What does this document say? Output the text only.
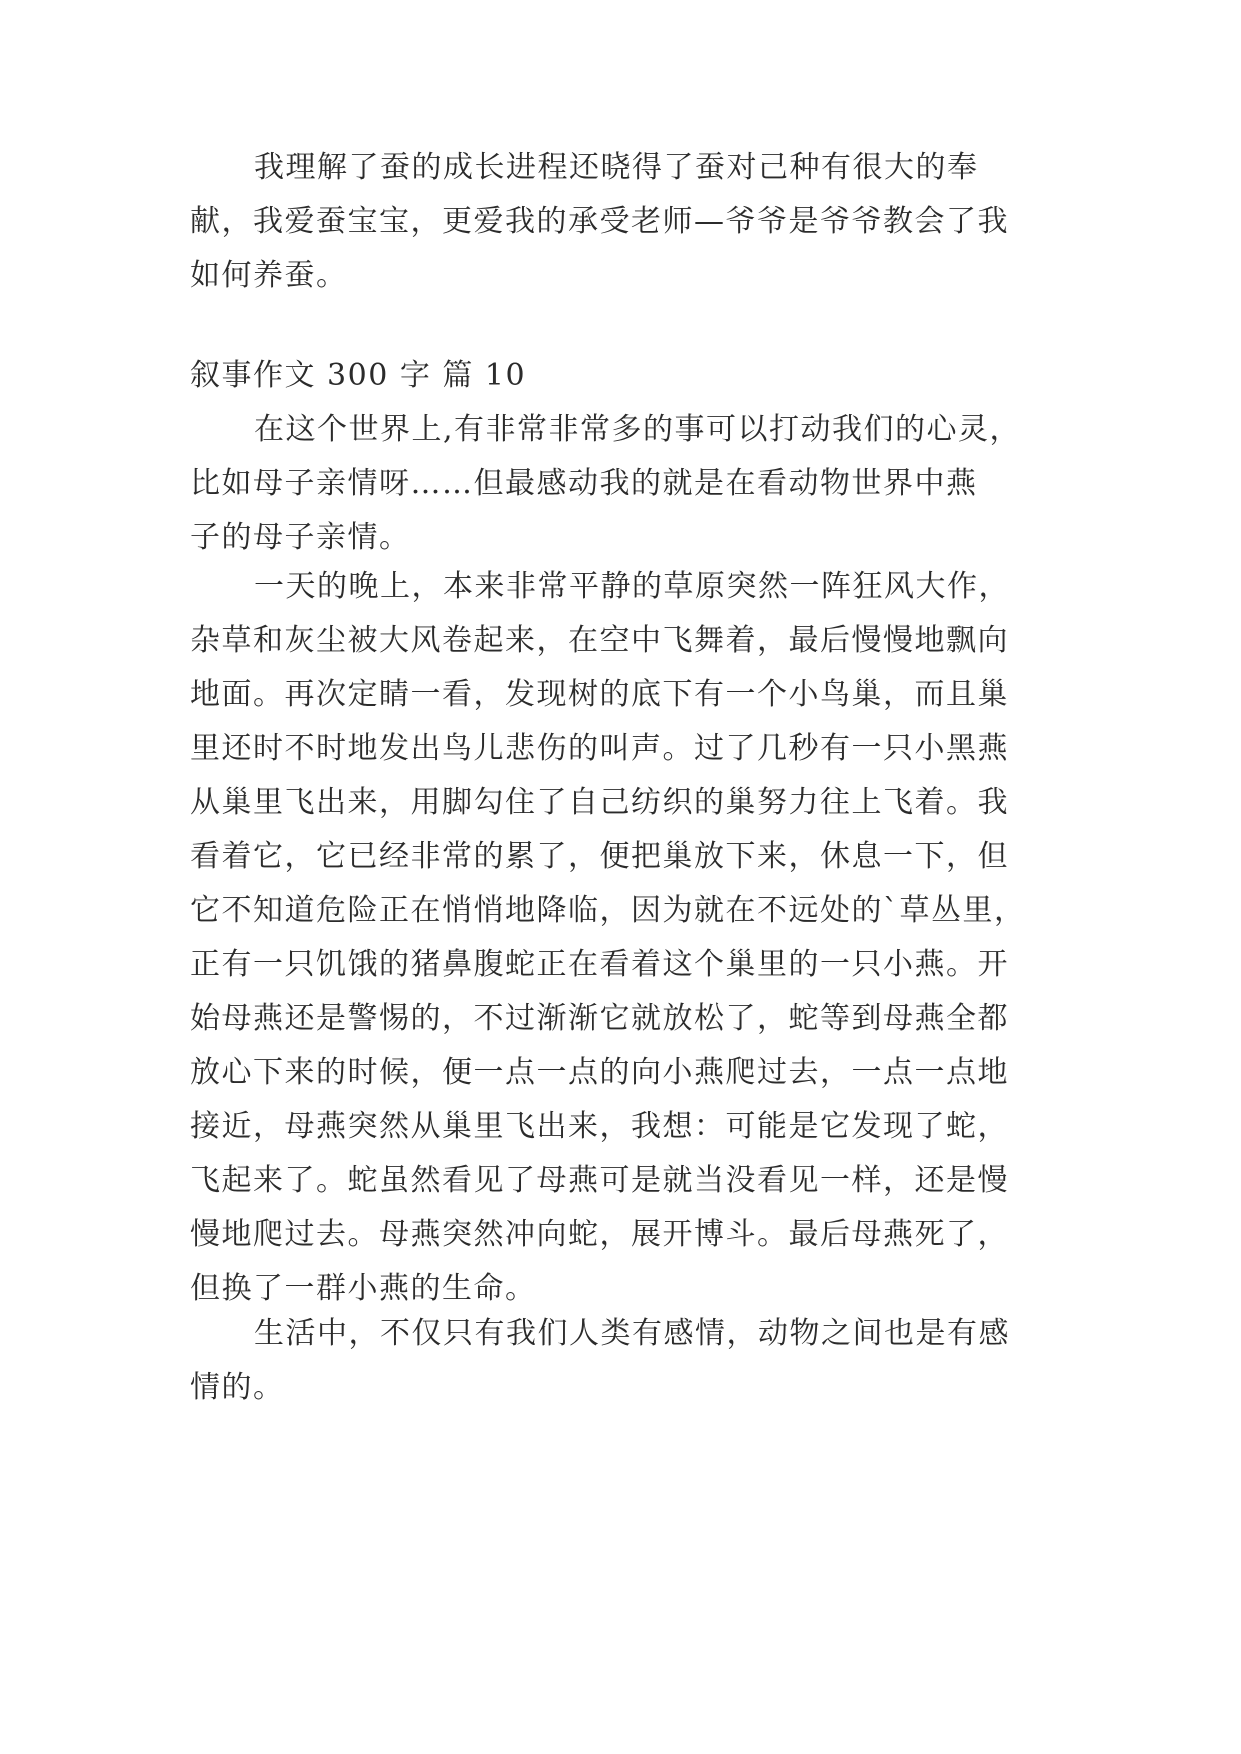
我理解了蚕的成长进程还晓得了蚕对己种有很大的奉
献，我爱蚕宝宝，更爱我的承受老师—爷爷是爷爷教会了我
如何养蚕。
叙事作文 300 字 篇 10
在这个世界上,有非常非常多的事可以打动我们的心灵，
比如母子亲情呀……但最感动我的就是在看动物世界中燕
子的母子亲情。
一天的晚上，本来非常平静的草原突然一阵狂风大作，
杂草和灰尘被大风卷起来，在空中飞舞着，最后慢慢地飘向
地面。再次定睛一看，发现树的底下有一个小鸟巢，而且巢
里还时不时地发出鸟儿悲伤的叫声。过了几秒有一只小黑燕
从巢里飞出来，用脚勾住了自己纺织的巢努力往上飞着。我
看着它，它已经非常的累了，便把巢放下来，休息一下，但
它不知道危险正在悄悄地降临，因为就在不远处的`草丛里，
正有一只饥饿的猪鼻腹蛇正在看着这个巢里的一只小燕。开
始母燕还是警惕的，不过渐渐它就放松了，蛇等到母燕全都
放心下来的时候，便一点一点的向小燕爬过去，一点一点地
接近，母燕突然从巢里飞出来，我想：可能是它发现了蛇，
飞起来了。蛇虽然看见了母燕可是就当没看见一样，还是慢
慢地爬过去。母燕突然冲向蛇，展开博斗。最后母燕死了，
但换了一群小燕的生命。
生活中，不仅只有我们人类有感情，动物之间也是有感
情的。
